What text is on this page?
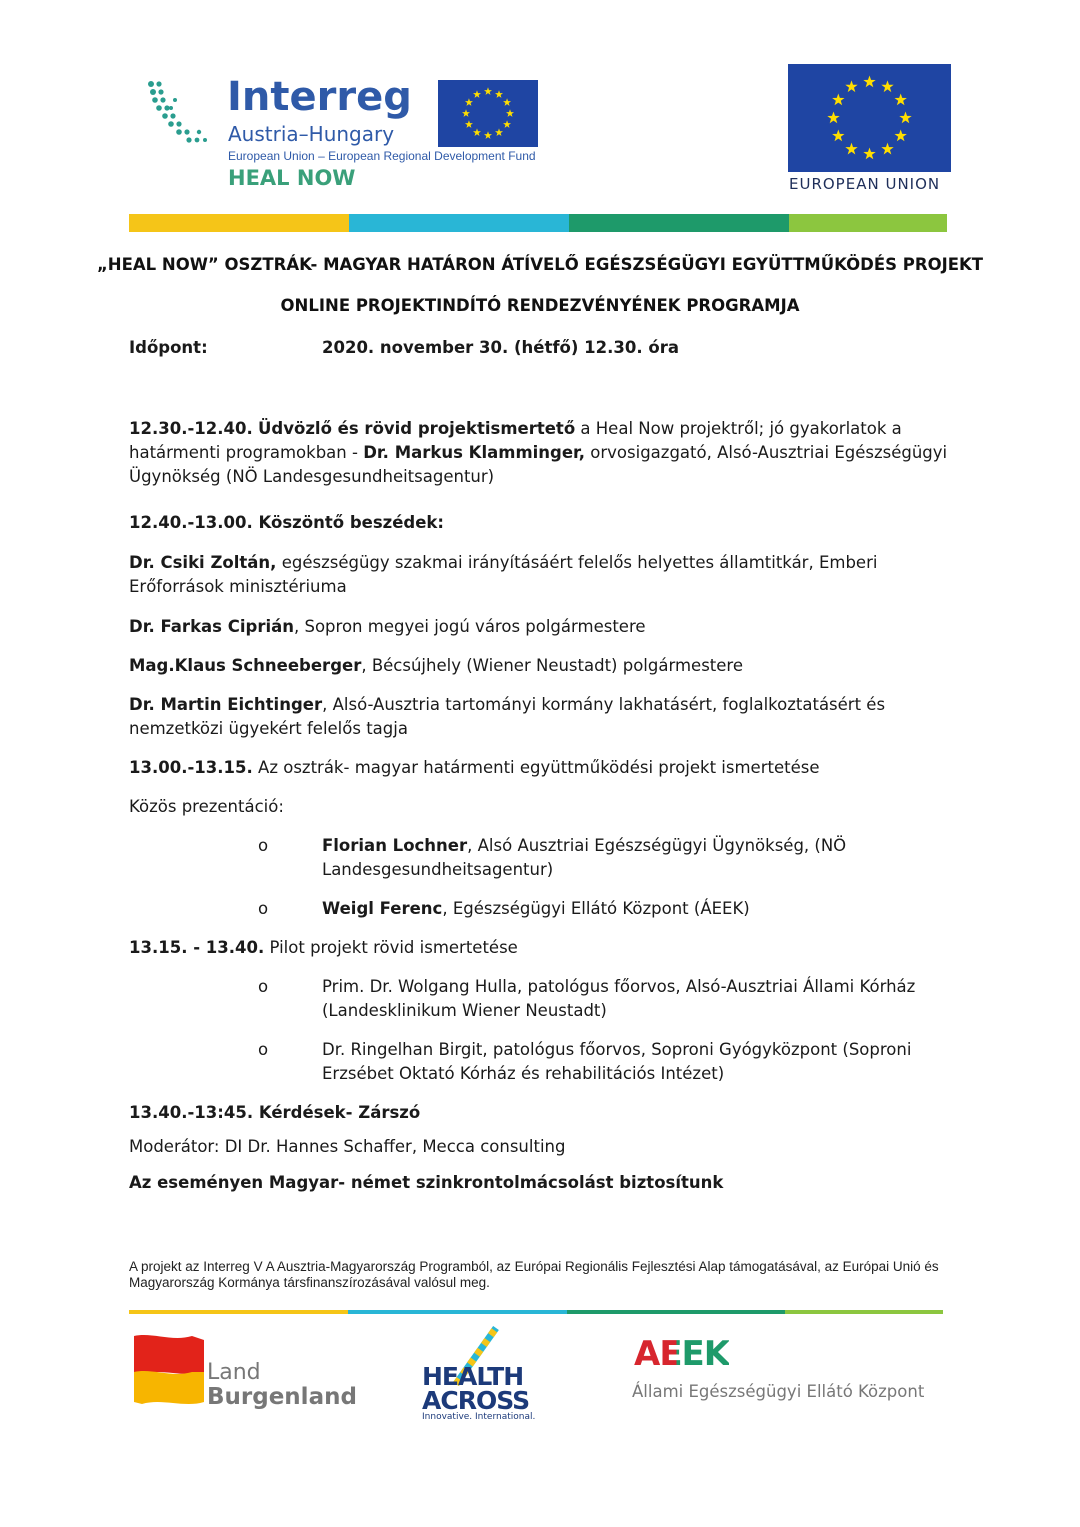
Interreg
Austria–Hungary
European Union – European Regional Development Fund
HEAL NOW	EUROPEAN UNION
„HEAL NOW” OSZTRÁK- MAGYAR HATÁRON ÁTÍVELŐ EGÉSZSÉGÜGYI EGYÜTTMŰKÖDÉS PROJEKT
ONLINE PROJEKTINDÍTÓ RENDEZVÉNYÉNEK PROGRAMJA
Időpont:	2020. november 30. (hétfő) 12.30. óra
12.30.-12.40. Üdvözlő és rövid projektismertető a Heal Now projektről; jó gyakorlatok a határmenti programokban - Dr. Markus Klamminger, orvosigazgató, Alsó-Ausztriai Egészségügyi Ügynökség (NÖ Landesgesundheitsagentur)
12.40.-13.00. Köszöntő beszédek:
Dr. Csiki Zoltán, egészségügy szakmai irányításáért felelős helyettes államtitkár, Emberi Erőforrások minisztériuma
Dr. Farkas Ciprián, Sopron megyei jogú város polgármestere
Mag.Klaus Schneeberger, Bécsújhely (Wiener Neustadt) polgármestere
Dr. Martin Eichtinger, Alsó-Ausztria tartományi kormány lakhatásért, foglalkoztatásért és nemzetközi ügyekért felelős tagja
13.00.-13.15. Az osztrák- magyar határmenti együttműködési projekt ismertetése
Közös prezentáció:
o	Florian Lochner, Alsó Ausztriai Egészségügyi Ügynökség, (NÖ Landesgesundheitsagentur)
o	Weigl Ferenc, Egészségügyi Ellátó Központ (ÁEEK)
13.15. - 13.40. Pilot projekt rövid ismertetése
o	Prim. Dr. Wolgang Hulla, patológus főorvos, Alsó-Ausztriai Állami Kórház (Landesklinikum Wiener Neustadt)
o	Dr. Ringelhan Birgit, patológus főorvos, Soproni Gyógyközpont (Soproni Erzsébet Oktató Kórház és rehabilitációs Intézet)
13.40.-13:45. Kérdések- Zárszó
Moderátor: DI Dr. Hannes Schaffer, Mecca consulting
Az eseményen Magyar- német szinkrontolmácsolást biztosítunk
A projekt az Interreg V A Ausztria-Magyarország Programból, az Európai Regionális Fejlesztési Alap támogatásával, az Európai Unió és Magyarország Kormánya társfinanszírozásával valósul meg.
Land
Burgenland
HEALTH
ACROSS
Innovative. International.
AEEK
Állami Egészségügyi Ellátó Központ
